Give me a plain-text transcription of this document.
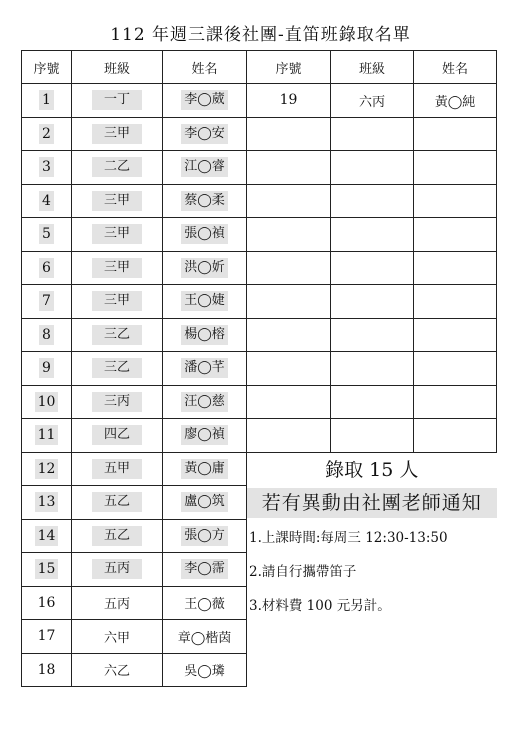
112 年週三課後社團-直笛班錄取名單
序號	班級	姓名	序號	班級	姓名
1	一丁	李◯葳	19	六丙	黃◯純
2	三甲	李◯安			
3	二乙	江◯睿			
4	三甲	蔡◯柔			
5	三甲	張◯禎			
6	三甲	洪◯妡			
7	三甲	王◯婕			
8	三乙	楊◯榕			
9	三乙	潘◯芊			
10	三丙	汪◯慈			
11	四乙	廖◯禎			
12	五甲	黃◯庸	錄取 15 人
若有異動由社團老師通知
1.上課時間:每周三 12:30-13:50
2.請自行攜帶笛子
3.材料費 100 元另計。		

13	五乙	盧◯筑			
14	五乙	張◯方			
15	五丙	李◯霈			
16	五丙	王◯薇			
17	六甲	章◯楷茵			
18	六乙	吳◯璘			
